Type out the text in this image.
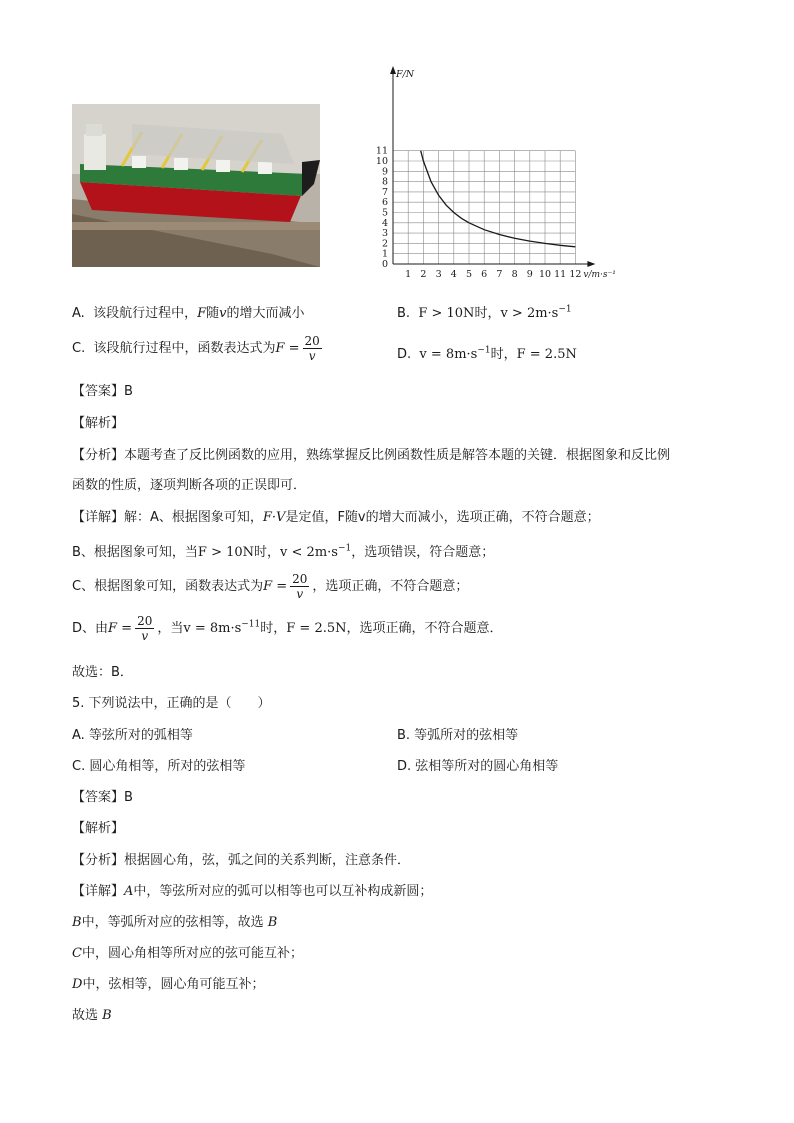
1 2 3 4 5 6 7 8 9 10 11 12
0
1
2
3
4
5
6
7
8
9
10
11
F/N
v/m·s⁻¹
A. 该段航行过程中，F随v的增大而减小	B. F > 10N时，$v > 2m\cdot s^{-1}$
C. 该段航行过程中，函数表达式为$F = \frac{20}{v}$	D. $v = 8m\cdot s^{-1}$时，F = 2.5N
【答案】B
【解析】
【分析】本题考查了反比例函数的应用，熟练掌握反比例函数性质是解答本题的关键．根据图象和反比例
函数的性质，逐项判断各项的正误即可．
【详解】解：A、根据图象可知，F·V是定值，F随v的增大而减小，选项正确，不符合题意；
B、根据图象可知，当F > 10N时，$v < 2m\cdot s^{-1}$，选项错误，符合题意；
C、根据图象可知，函数表达式为$F = \frac{20}{v}$ ，选项正确，不符合题意；
D、由$F = \frac{20}{v}$ ，当$v = 8m\cdot s^{-11}$时，F = 2.5N，选项正确，不符合题意．
故选：B．
5. 下列说法中，正确的是（　　）
A. 等弦所对的弧相等	B. 等弧所对的弦相等
C. 圆心角相等，所对的弦相等	D. 弦相等所对的圆心角相等
【答案】B
【解析】
【分析】根据圆心角，弦，弧之间的关系判断，注意条件．
【详解】A中，等弦所对应的弧可以相等也可以互补构成新圆；
B中，等弧所对应的弦相等，故选 B
C中，圆心角相等所对应的弦可能互补；
D中，弦相等，圆心角可能互补；
故选 B
